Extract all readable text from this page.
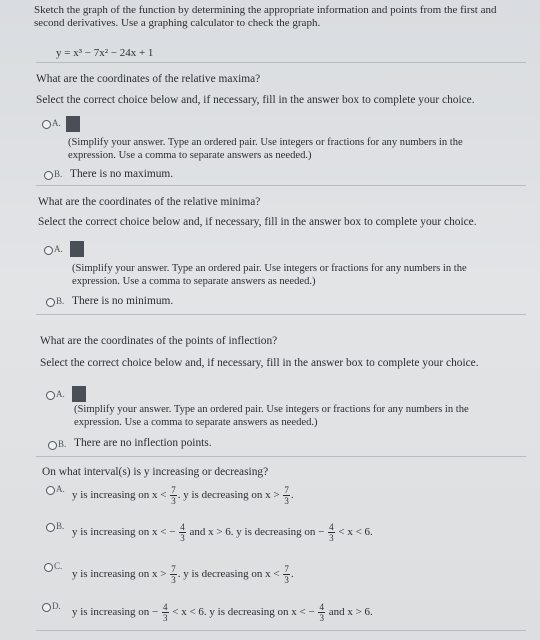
Sketch the graph of the function by determining the appropriate information and points from the first and second derivatives. Use a graphing calculator to check the graph.
y = x³ − 7x² − 24x + 1
What are the coordinates of the relative maxima?
Select the correct choice below and, if necessary, fill in the answer box to complete your choice.
A.
(Simplify your answer. Type an ordered pair. Use integers or fractions for any numbers in the expression. Use a comma to separate answers as needed.)
B. There is no maximum.
What are the coordinates of the relative minima?
Select the correct choice below and, if necessary, fill in the answer box to complete your choice.
A.
(Simplify your answer. Type an ordered pair. Use integers or fractions for any numbers in the expression. Use a comma to separate answers as needed.)
B. There is no minimum.
What are the coordinates of the points of inflection?
Select the correct choice below and, if necessary, fill in the answer box to complete your choice.
A.
(Simplify your answer. Type an ordered pair. Use integers or fractions for any numbers in the expression. Use a comma to separate answers as needed.)
B. There are no inflection points.
On what interval(s) is y increasing or decreasing?
A.
y is increasing on $x < \frac{7}{3}$ . y is decreasing on $x > \frac{7}{3}$ .
B.
y is increasing on x < − $\frac{4}{3}$ and x > 6. y is decreasing on − $\frac{4}{3} < x < 6$.
C.
y is increasing on $x > \frac{7}{3}$ . y is decreasing on $x < \frac{7}{3}$ .
D.
y is increasing on − $\frac{4}{3} < x < 6$. y is decreasing on x < − $\frac{4}{3}$ and x > 6.
